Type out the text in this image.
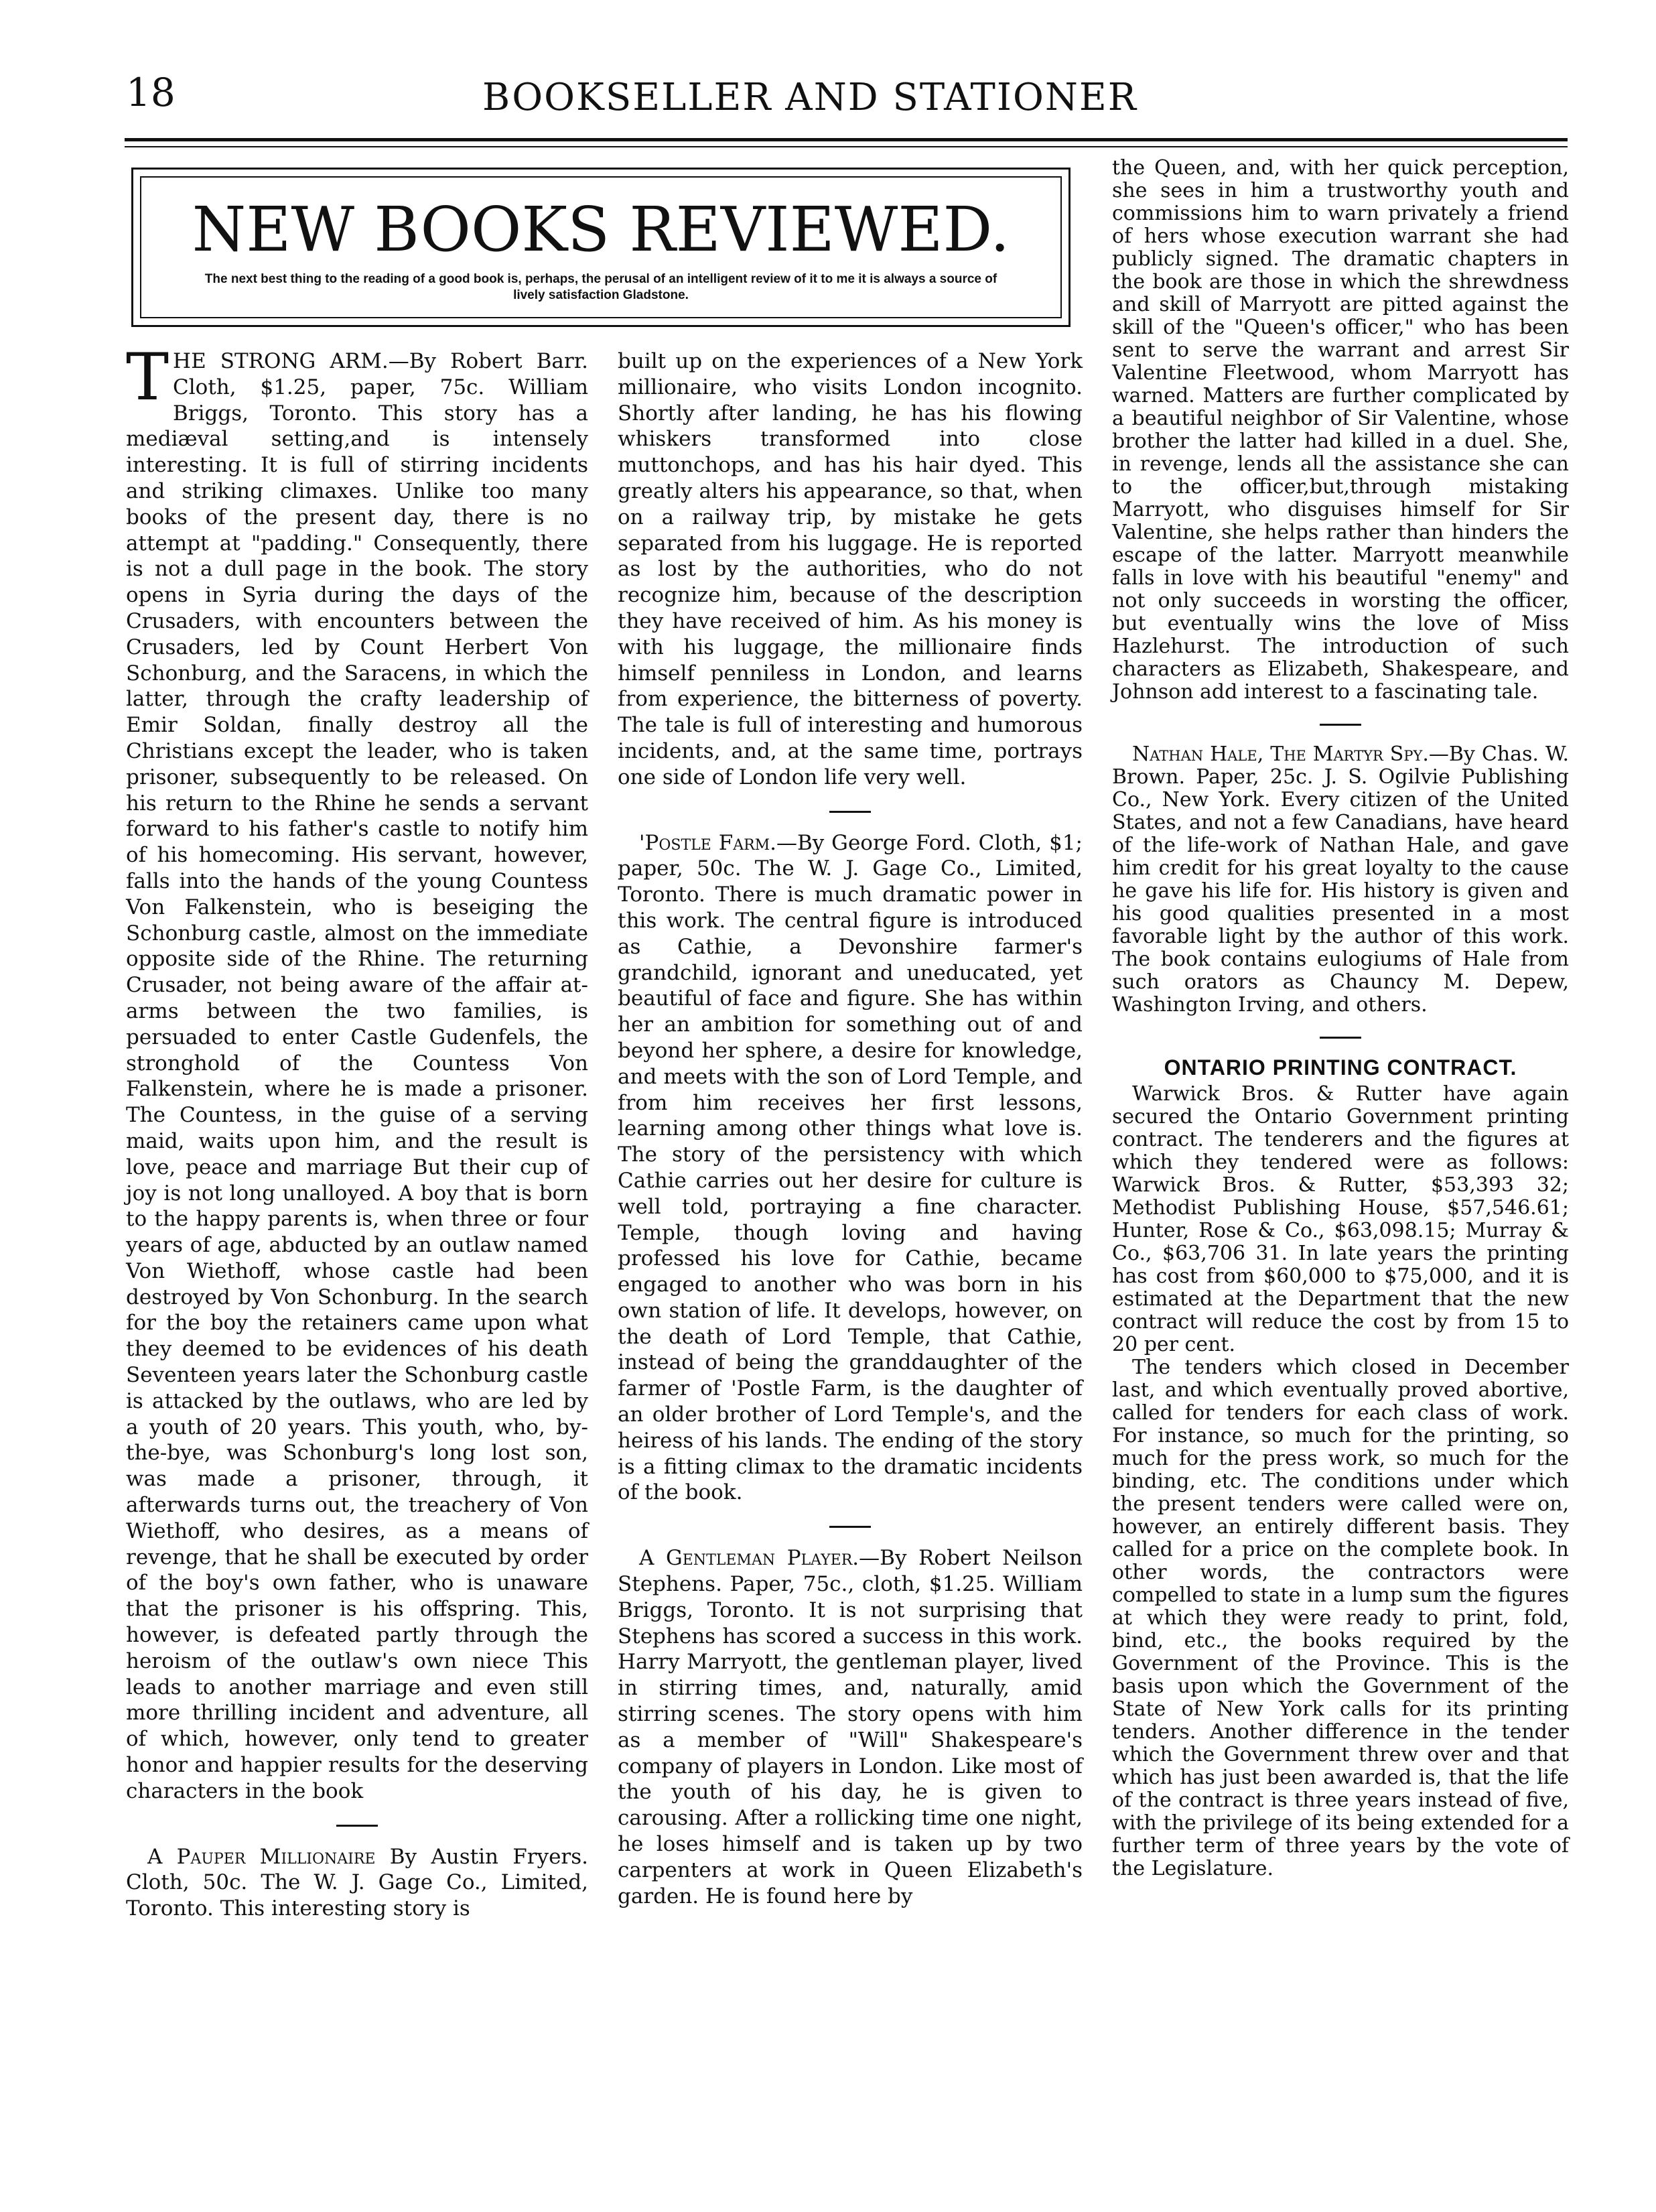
18	BOOKSELLER AND STATIONER
NEW BOOKS REVIEWED.
The next best thing to the reading of a good book is, perhaps, the perusal of an intelligent review of it to me it is always a source of lively satisfaction Gladstone.

THE STRONG ARM.—By Robert Barr. Cloth, $1.25, paper, 75c. William Briggs, Toronto. This story has a mediæval setting,and is intensely interesting. It is full of stirring incidents and striking climaxes. Unlike too many books of the present day, there is no attempt at "padding." Consequently, there is not a dull page in the book. The story opens in Syria during the days of the Crusaders, with encounters between the Crusaders, led by Count Herbert Von Schonburg, and the Saracens, in which the latter, through the crafty leadership of Emir Soldan, finally destroy all the Christians except the leader, who is taken prisoner, subsequently to be released. On his return to the Rhine he sends a servant forward to his father's castle to notify him of his homecoming. His servant, however, falls into the hands of the young Countess Von Falkenstein, who is beseiging the Schonburg castle, almost on the immediate opposite side of the Rhine. The returning Crusader, not being aware of the affair at-arms between the two families, is persuaded to enter Castle Gudenfels, the stronghold of the Countess Von Falkenstein, where he is made a prisoner. The Countess, in the guise of a serving maid, waits upon him, and the result is love, peace and marriage But their cup of joy is not long unalloyed. A boy that is born to the happy parents is, when three or four years of age, abducted by an outlaw named Von Wiethoff, whose castle had been destroyed by Von Schonburg. In the search for the boy the retainers came upon what they deemed to be evidences of his death Seventeen years later the Schonburg castle is attacked by the outlaws, who are led by a youth of 20 years. This youth, who, by-the-bye, was Schonburg's long lost son, was made a prisoner, through, it afterwards turns out, the treachery of Von Wiethoff, who desires, as a means of revenge, that he shall be executed by order of the boy's own father, who is unaware that the prisoner is his offspring. This, however, is defeated partly through the heroism of the outlaw's own niece This leads to another marriage and even still more thrilling incident and adventure, all of which, however, only tend to greater honor and happier results for the deserving characters in the book

A Pauper Millionaire By Austin Fryers. Cloth, 50c. The W. J. Gage Co., Limited, Toronto. This interesting story is

built up on the experiences of a New York millionaire, who visits London incognito. Shortly after landing, he has his flowing whiskers transformed into close muttonchops, and has his hair dyed. This greatly alters his appearance, so that, when on a railway trip, by mistake he gets separated from his luggage. He is reported as lost by the authorities, who do not recognize him, because of the description they have received of him. As his money is with his luggage, the millionaire finds himself penniless in London, and learns from experience, the bitterness of poverty. The tale is full of interesting and humorous incidents, and, at the same time, portrays one side of London life very well.

'Postle Farm.—By George Ford. Cloth, $1; paper, 50c. The W. J. Gage Co., Limited, Toronto. There is much dramatic power in this work. The central figure is introduced as Cathie, a Devonshire farmer's grandchild, ignorant and uneducated, yet beautiful of face and figure. She has within her an ambition for something out of and beyond her sphere, a desire for knowledge, and meets with the son of Lord Temple, and from him receives her first lessons, learning among other things what love is. The story of the persistency with which Cathie carries out her desire for culture is well told, portraying a fine character. Temple, though loving and having professed his love for Cathie, became engaged to another who was born in his own station of life. It develops, however, on the death of Lord Temple, that Cathie, instead of being the granddaughter of the farmer of 'Postle Farm, is the daughter of an older brother of Lord Temple's, and the heiress of his lands. The ending of the story is a fitting climax to the dramatic incidents of the book.

A Gentleman Player.—By Robert Neilson Stephens. Paper, 75c., cloth, $1.25. William Briggs, Toronto. It is not surprising that Stephens has scored a success in this work. Harry Marryott, the gentleman player, lived in stirring times, and, naturally, amid stirring scenes. The story opens with him as a member of "Will" Shakespeare's company of players in London. Like most of the youth of his day, he is given to carousing. After a rollicking time one night, he loses himself and is taken up by two carpenters at work in Queen Elizabeth's garden. He is found here by

the Queen, and, with her quick perception, she sees in him a trustworthy youth and commissions him to warn privately a friend of hers whose execution warrant she had publicly signed. The dramatic chapters in the book are those in which the shrewdness and skill of Marryott are pitted against the skill of the "Queen's officer," who has been sent to serve the warrant and arrest Sir Valentine Fleetwood, whom Marryott has warned. Matters are further complicated by a beautiful neighbor of Sir Valentine, whose brother the latter had killed in a duel. She, in revenge, lends all the assistance she can to the officer,but,through mistaking Marryott, who disguises himself for Sir Valentine, she helps rather than hinders the escape of the latter. Marryott meanwhile falls in love with his beautiful "enemy" and not only succeeds in worsting the officer, but eventually wins the love of Miss Hazlehurst. The introduction of such characters as Elizabeth, Shakespeare, and Johnson add interest to a fascinating tale.

Nathan Hale, The Martyr Spy.—By Chas. W. Brown. Paper, 25c. J. S. Ogilvie Publishing Co., New York. Every citizen of the United States, and not a few Canadians, have heard of the life-work of Nathan Hale, and gave him credit for his great loyalty to the cause he gave his life for. His history is given and his good qualities presented in a most favorable light by the author of this work. The book contains eulogiums of Hale from such orators as Chauncy M. Depew, Washington Irving, and others.

ONTARIO PRINTING CONTRACT.

Warwick Bros. & Rutter have again secured the Ontario Government printing contract. The tenderers and the figures at which they tendered were as follows: Warwick Bros. & Rutter, $53,393 32; Methodist Publishing House, $57,546.61; Hunter, Rose & Co., $63,098.15; Murray & Co., $63,706 31. In late years the printing has cost from $60,000 to $75,000, and it is estimated at the Department that the new contract will reduce the cost by from 15 to 20 per cent.

The tenders which closed in December last, and which eventually proved abortive, called for tenders for each class of work. For instance, so much for the printing, so much for the press work, so much for the binding, etc. The conditions under which the present tenders were called were on, however, an entirely different basis. They called for a price on the complete book. In other words, the contractors were compelled to state in a lump sum the figures at which they were ready to print, fold, bind, etc., the books required by the Government of the Province. This is the basis upon which the Government of the State of New York calls for its printing tenders. Another difference in the tender which the Government threw over and that which has just been awarded is, that the life of the contract is three years instead of five, with the privilege of its being extended for a further term of three years by the vote of the Legislature.
